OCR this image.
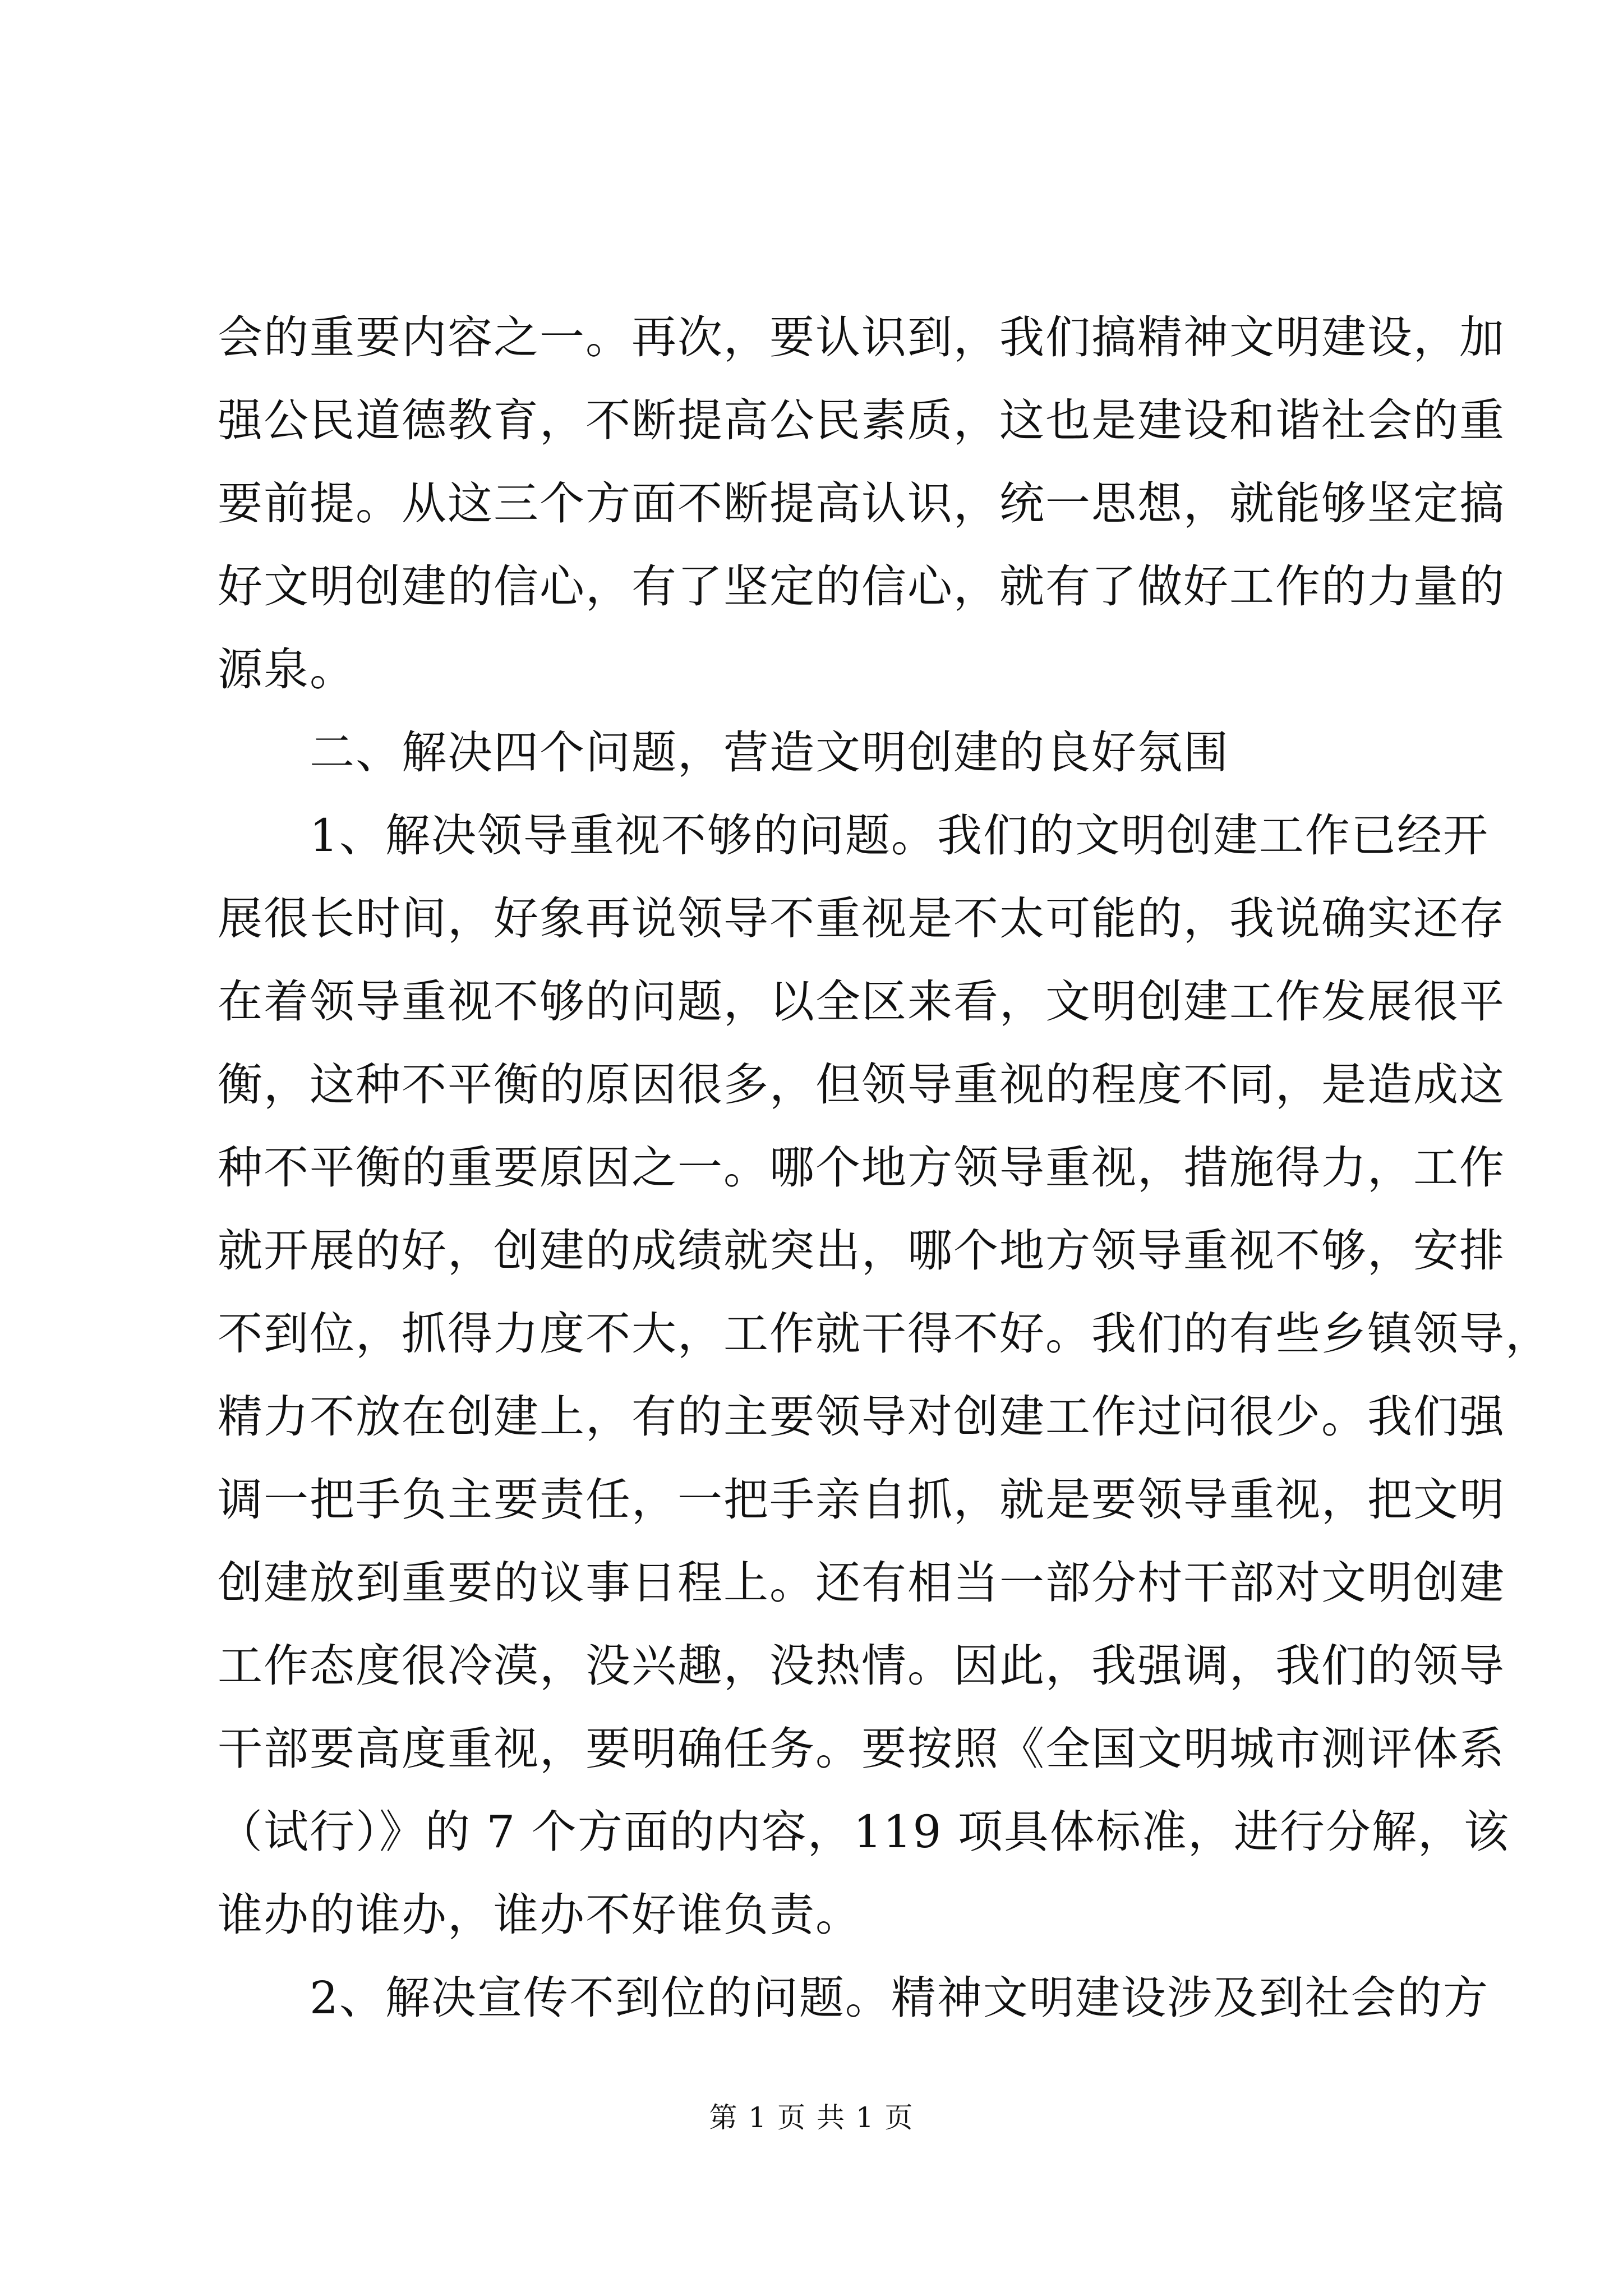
会的重要内容之一。再次，要认识到，我们搞精神文明建设，加
强公民道德教育，不断提高公民素质，这也是建设和谐社会的重
要前提。从这三个方面不断提高认识，统一思想，就能够坚定搞
好文明创建的信心，有了坚定的信心，就有了做好工作的力量的
源泉。
二、解决四个问题，营造文明创建的良好氛围
1、解决领导重视不够的问题。我们的文明创建工作已经开
展很长时间，好象再说领导不重视是不太可能的，我说确实还存
在着领导重视不够的问题，以全区来看，文明创建工作发展很平
衡，这种不平衡的原因很多，但领导重视的程度不同，是造成这
种不平衡的重要原因之一。哪个地方领导重视，措施得力，工作
就开展的好，创建的成绩就突出，哪个地方领导重视不够，安排
不到位，抓得力度不大，工作就干得不好。我们的有些乡镇领导，
精力不放在创建上，有的主要领导对创建工作过问很少。我们强
调一把手负主要责任，一把手亲自抓，就是要领导重视，把文明
创建放到重要的议事日程上。还有相当一部分村干部对文明创建
工作态度很冷漠，没兴趣，没热情。因此，我强调，我们的领导
干部要高度重视，要明确任务。要按照《全国文明城市测评体系
（试行）》的 7 个方面的内容，119 项具体标准，进行分解，该
谁办的谁办，谁办不好谁负责。
2、解决宣传不到位的问题。精神文明建设涉及到社会的方
第 1 页 共 1 页
